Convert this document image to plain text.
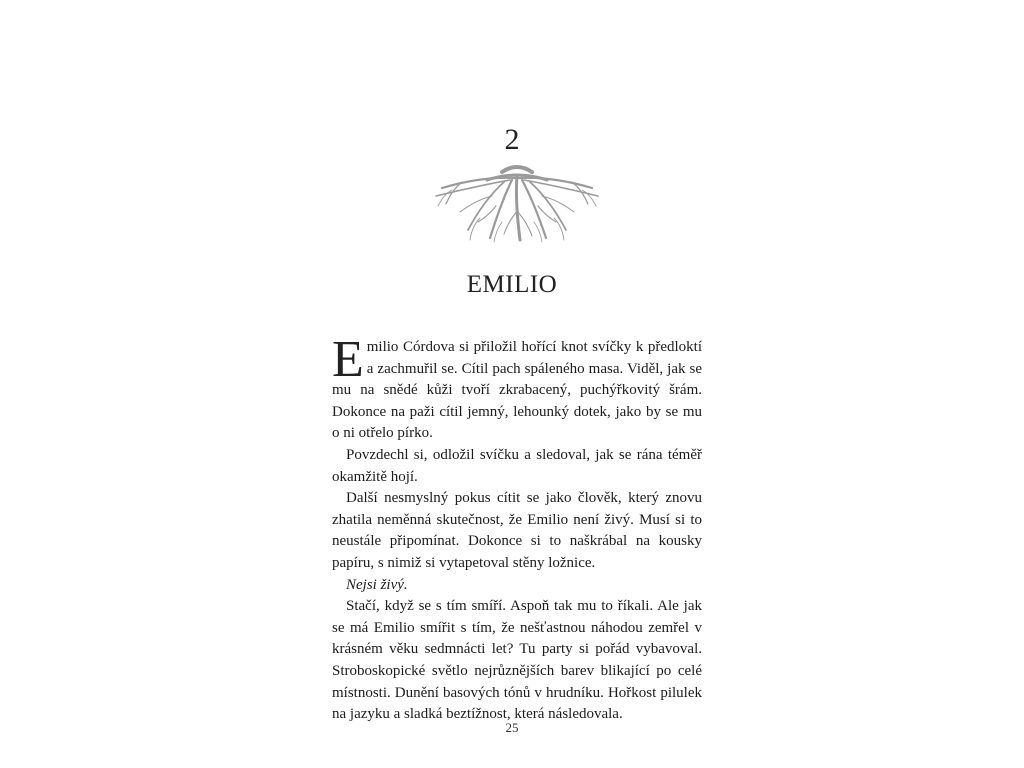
2
EMILIO

Emilio Córdova si přiložil hořící knot svíčky k předloktí a zachmuřil se. Cítil pach spáleného masa. Viděl, jak se mu na snědé kůži tvoří zkrabacený, puchýřkovitý šrám. Dokonce na paži cítil jemný, lehounký dotek, jako by se mu o ni otřelo pírko.

Povzdechl si, odložil svíčku a sledoval, jak se rána téměř okamžitě hojí.

Další nesmyslný pokus cítit se jako člověk, který znovu zhatila neměnná skutečnost, že Emilio není živý. Musí si to neustále připomínat. Dokonce si to naškrábal na kousky papíru, s nimiž si vytapetoval stěny ložnice.

Nejsi živý.

Stačí, když se s tím smíří. Aspoň tak mu to říkali. Ale jak se má Emilio smířit s tím, že nešťastnou náhodou zemřel v krásném věku sedmnácti let? Tu party si pořád vybavoval. Stroboskopické světlo nejrůznějších barev blikající po celé místnosti. Dunění basových tónů v hrudníku. Hořkost pilulek na jazyku a sladká beztížnost, která následovala.

25
